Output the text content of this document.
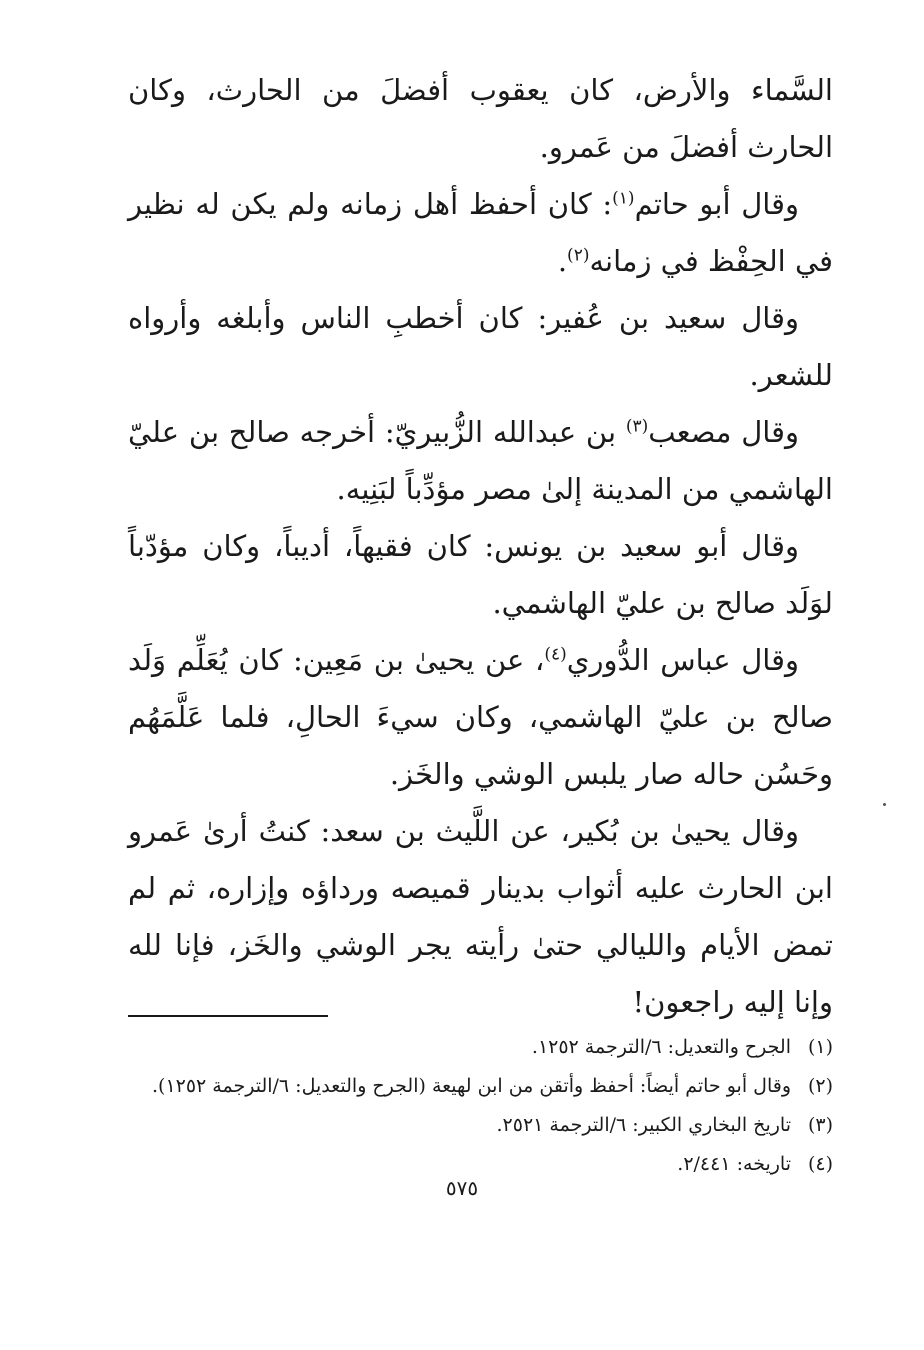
السَّماء والأرض، كان يعقوب أفضلَ من الحارث، وكان الحارث أفضلَ من عَمرو.
وقال أبو حاتم$^{(١)}$: كان أحفظ أهل زمانه ولم يكن له نظير في الحِفْظ في زمانه$^{(٢)}$.
وقال سعيد بن عُفير: كان أخطبِ الناس وأبلغه وأرواه للشعر.
وقال مصعب$^{(٣)}$ بن عبدالله الزُّبيريّ: أخرجه صالح بن عليّ الهاشمي من المدينة إلىٰ مصر مؤدِّباً لبَنِيه.
وقال أبو سعيد بن يونس: كان فقيهاً، أديباً، وكان مؤدّباً لوَلَد صالح بن عليّ الهاشمي.
وقال عباس الدُّوري$^{(٤)}$، عن يحيىٰ بن مَعِين: كان يُعَلِّم وَلَد صالح بن عليّ الهاشمي، وكان سيءَ الحالِ، فلما عَلَّمَهُم وحَسُن حاله صار يلبس الوشي والخَز.
وقال يحيىٰ بن بُكير، عن اللَّيث بن سعد: كنتُ أرىٰ عَمرو ابن الحارث عليه أثواب بدينار قميصه ورداؤه وإزاره، ثم لم تمض الأيام والليالي حتىٰ رأيته يجر الوشي والخَز، فإنا لله وإنا إليه راجعون!
(١)
الجرح والتعديل: ٦/الترجمة ١٢٥٢.
(٢)
وقال أبو حاتم أيضاً: أحفظ وأتقن من ابن لهيعة (الجرح والتعديل: ٦/الترجمة ١٢٥٢).
(٣)
تاريخ البخاري الكبير: ٦/الترجمة ٢٥٢١.
(٤)
تاريخه: ٢/٤٤١.
٥٧٥
